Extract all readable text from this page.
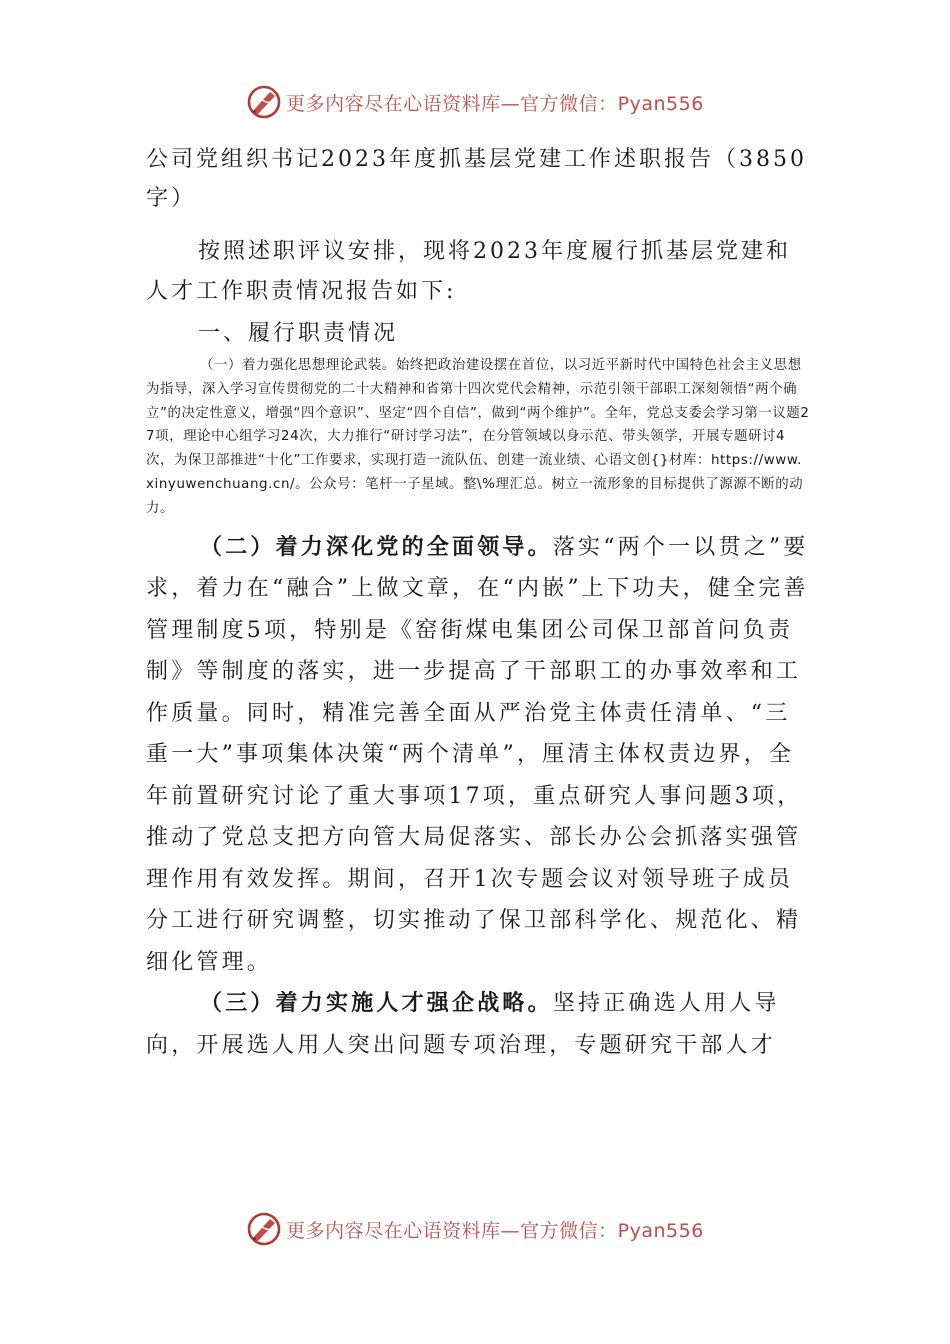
更多内容尽在心语资料库—官方微信：Pyan556

公司党组织书记2023年度抓基层党建工作述职报告（3850字）

按照述职评议安排，现将2023年度履行抓基层党建和人才工作职责情况报告如下:

一、履行职责情况

（一）着力强化思想理论武装。始终把政治建设摆在首位，以习近平新时代中国特色社会主义思想为指导，深入学习宣传贯彻党的二十大精神和省第十四次党代会精神，示范引领干部职工深刻领悟“两个确立”的决定性意义，增强“四个意识”、坚定“四个自信”，做到“两个维护”。全年，党总支委会学习第一议题27项，理论中心组学习24次，大力推行“研讨学习法”，在分管领域以身示范、带头领学，开展专题研讨4次，为保卫部推进“十化”工作要求，实现打造一流队伍、创建一流业绩、心语文创{}材库：https://www.xinyuwenchuang.cn/。公众号：笔杆一子星域。整\%理汇总。树立一流形象的目标提供了源源不断的动力。

（二）着力深化党的全面领导。落实“两个一以贯之”要求，着力在“融合”上做文章，在“内嵌”上下功夫，健全完善管理制度5项，特别是《窑街煤电集团公司保卫部首问负责制》等制度的落实，进一步提高了干部职工的办事效率和工作质量。同时，精准完善全面从严治党主体责任清单、“三重一大”事项集体决策“两个清单”，厘清主体权责边界，全年前置研究讨论了重大事项17项，重点研究人事问题3项，推动了党总支把方向管大局促落实、部长办公会抓落实强管理作用有效发挥。期间，召开1次专题会议对领导班子成员分工进行研究调整，切实推动了保卫部科学化、规范化、精细化管理。

（三）着力实施人才强企战略。坚持正确选人用人导向，开展选人用人突出问题专项治理，专题研究干部人才

更多内容尽在心语资料库—官方微信：Pyan556
